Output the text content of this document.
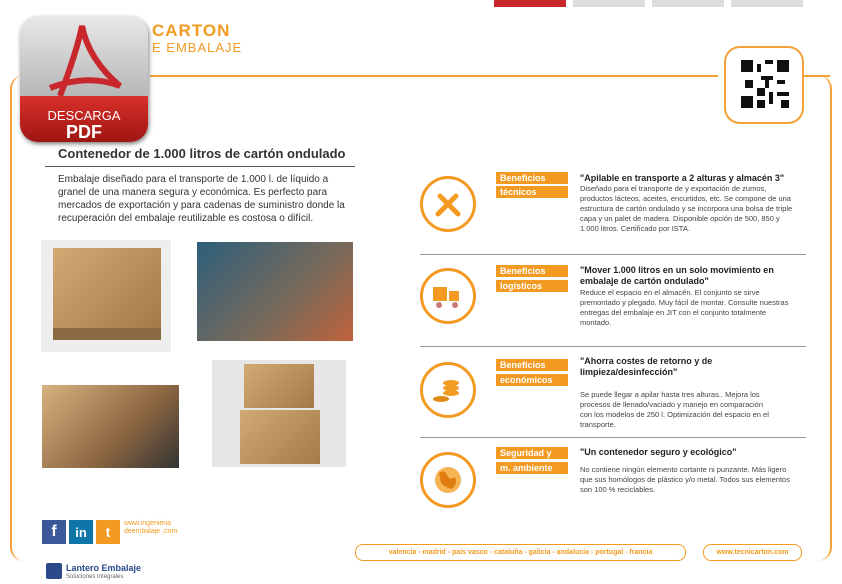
CARTON
E EMBALAJE
DESCARGA
PDF
Contenedor de 1.000 litros de cartón ondulado
Embalaje diseñado para el transporte de 1.000 l. de líquido a granel de una manera segura y económica. Es perfecto para mercados de exportación y para cadenas de suministro donde la recuperación del embalaje reutilizable es costosa o difícil.
Beneficios
técnicos
"Apilable en transporte a 2 alturas y almacén 3"
Diseñado para el transporte de y exportación de zumos, productos lácteos, aceites, encurtidos, etc. Se compone de una estructura de cartón ondulado y se incorpora una bolsa de triple capa y un palet de madera. Disponible opción de 500, 850 y 1.000 litros. Certificado por ISTA.
Beneficios
logísticos
"Mover 1.000 litros en un solo movimiento en embalaje de cartón ondulado"
Reduce el espacio en el almacén. El conjunto se sirve premontado y plegado. Muy fácil de montar. Consulte nuestras entregas del embalaje en JIT con el conjunto totalmente montado.
Beneficios
económicos
"Ahorra costes de retorno y de limpieza/desinfección"
Se puede llegar a apilar hasta tres alturas.. Mejora los procesos de llenado/vaciado y manejo en comparación con los modelos de 250 l. Optimización del espacio en el transporte.
Seguridad y
m. ambiente
"Un contenedor seguro y ecológico"
No contiene ningún elemento cortante ni punzante. Más ligero que sus homólogos de plástico y/o metal. Todos sus elementos son 100 % reciclables.
f	in	t
www.ingenieria deembalaje .com
valencia - madrid - país vasco - cataluña - galicia - andalucía - portugal - francia	www.tecnicarton.com
Lantero Embalaje
Soluciones Integrales
